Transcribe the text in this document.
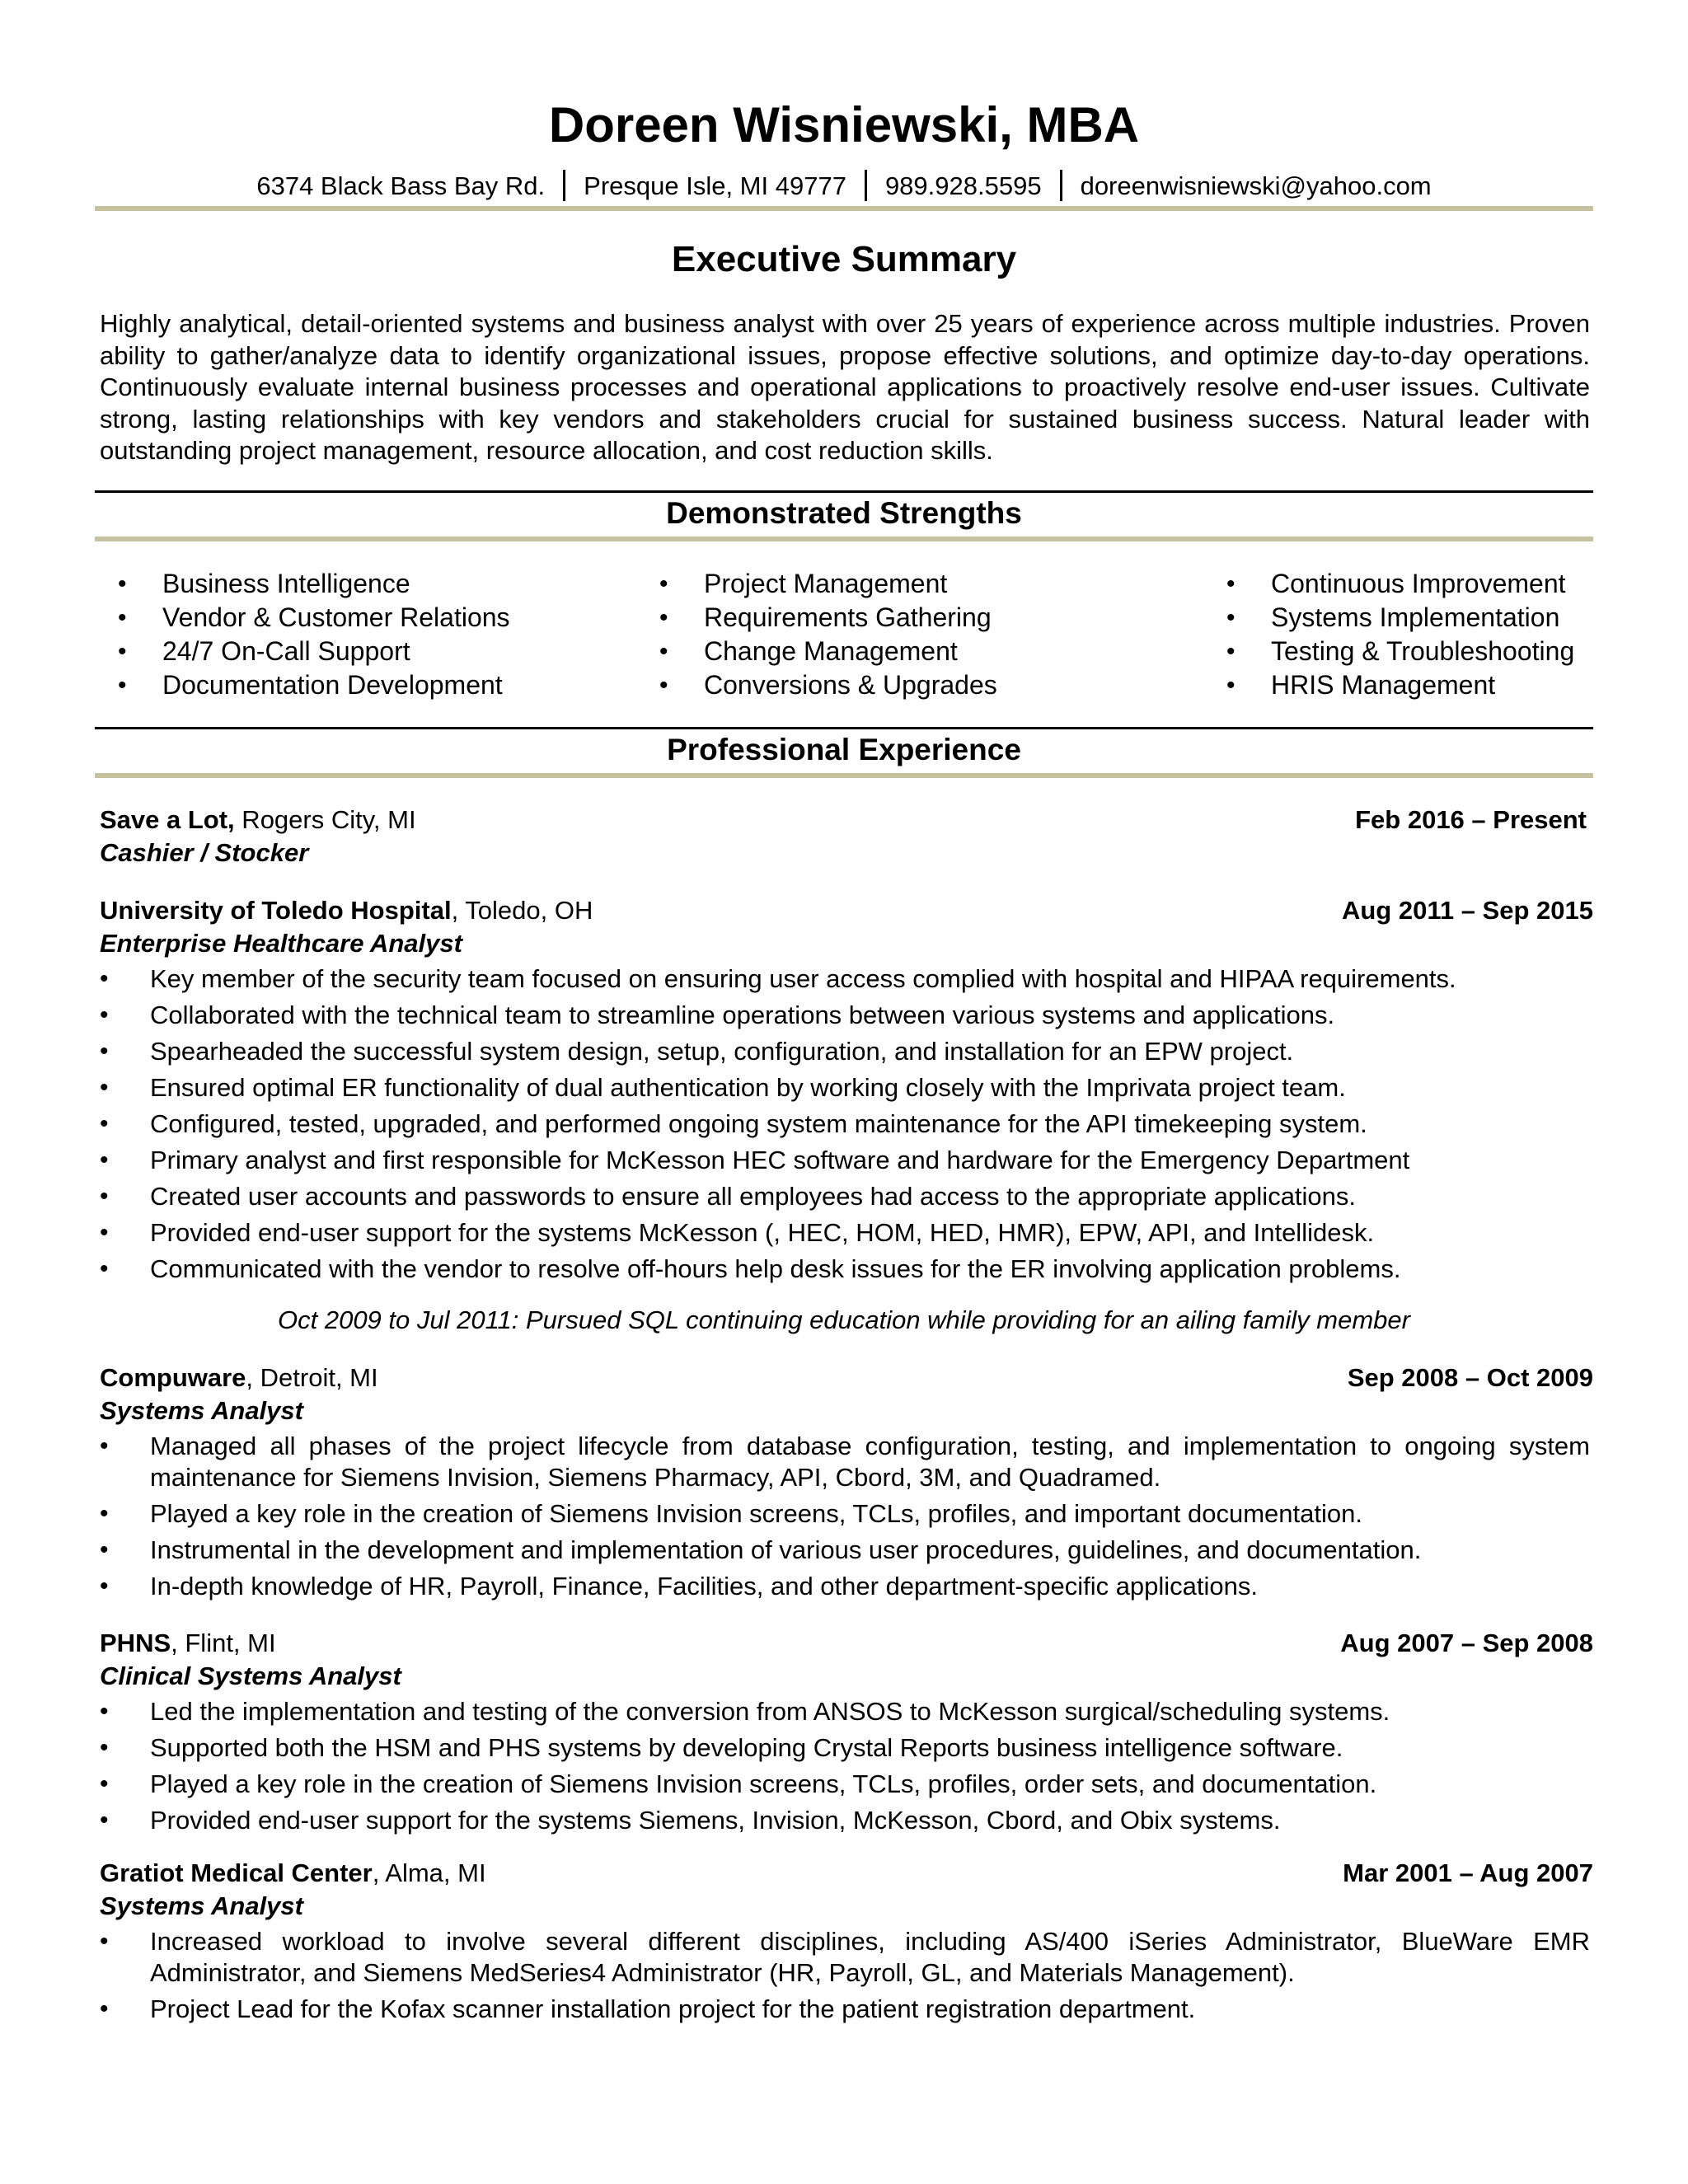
Doreen Wisniewski, MBA
6374 Black Bass Bay Rd. Presque Isle, MI 49777 989.928.5595 doreenwisniewski@yahoo.com
Executive Summary

Highly analytical, detail-oriented systems and business analyst with over 25 years of experience across multiple industries. Proven ability to gather/analyze data to identify organizational issues, propose effective solutions, and optimize day-to-day operations. Continuously evaluate internal business processes and operational applications to proactively resolve end-user issues. Cultivate strong, lasting relationships with key vendors and stakeholders crucial for sustained business success. Natural leader with outstanding project management, resource allocation, and cost reduction skills.

Demonstrated Strengths
• Business Intelligence
• Vendor & Customer Relations
• 24/7 On-Call Support
• Documentation Development
• Project Management
• Requirements Gathering
• Change Management
• Conversions & Upgrades
• Continuous Improvement
• Systems Implementation
• Testing & Troubleshooting
• HRIS Management
Professional Experience
Save a Lot, Rogers City, MI	Feb 2016 – Present
Cashier / Stocker
University of Toledo Hospital, Toledo, OH	Aug 2011 – Sep 2015
Enterprise Healthcare Analyst
• Key member of the security team focused on ensuring user access complied with hospital and HIPAA requirements.
• Collaborated with the technical team to streamline operations between various systems and applications.
• Spearheaded the successful system design, setup, configuration, and installation for an EPW project.
• Ensured optimal ER functionality of dual authentication by working closely with the Imprivata project team.
• Configured, tested, upgraded, and performed ongoing system maintenance for the API timekeeping system.
• Primary analyst and first responsible for McKesson HEC software and hardware for the Emergency Department
• Created user accounts and passwords to ensure all employees had access to the appropriate applications.
• Provided end-user support for the systems McKesson (, HEC, HOM, HED, HMR), EPW, API, and Intellidesk.
• Communicated with the vendor to resolve off-hours help desk issues for the ER involving application problems.
Oct 2009 to Jul 2011: Pursued SQL continuing education while providing for an ailing family member
Compuware, Detroit, MI	Sep 2008 – Oct 2009
Systems Analyst
• Managed all phases of the project lifecycle from database configuration, testing, and implementation to ongoing system maintenance for Siemens Invision, Siemens Pharmacy, API, Cbord, 3M, and Quadramed.
• Played a key role in the creation of Siemens Invision screens, TCLs, profiles, and important documentation.
• Instrumental in the development and implementation of various user procedures, guidelines, and documentation.
• In-depth knowledge of HR, Payroll, Finance, Facilities, and other department-specific applications.
PHNS, Flint, MI	Aug 2007 – Sep 2008
Clinical Systems Analyst
• Led the implementation and testing of the conversion from ANSOS to McKesson surgical/scheduling systems.
• Supported both the HSM and PHS systems by developing Crystal Reports business intelligence software.
• Played a key role in the creation of Siemens Invision screens, TCLs, profiles, order sets, and documentation.
• Provided end-user support for the systems Siemens, Invision, McKesson, Cbord, and Obix systems.
Gratiot Medical Center, Alma, MI	Mar 2001 – Aug 2007
Systems Analyst
• Increased workload to involve several different disciplines, including AS/400 iSeries Administrator, BlueWare EMR Administrator, and Siemens MedSeries4 Administrator (HR, Payroll, GL, and Materials Management).
• Project Lead for the Kofax scanner installation project for the patient registration department.
